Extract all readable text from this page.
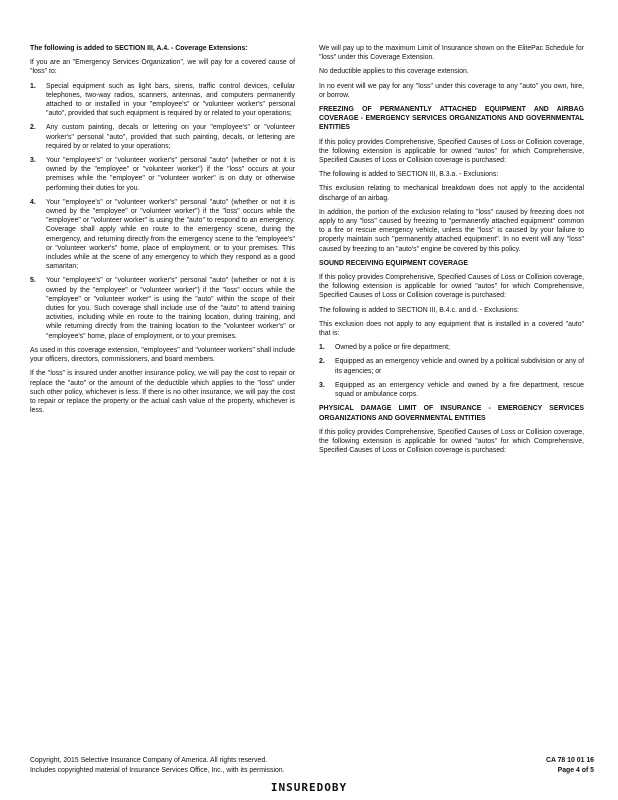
The following is added to SECTION III, A.4. - Coverage Extensions:

If you are an "Emergency Services Organization", we will pay for a covered cause of "loss" to:

1. Special equipment such as light bars, sirens, traffic control devices, cellular telephones, two-way radios, scanners, antennas, and computers permanently attached to or installed in your "employee's" or "volunteer worker's" personal "auto", provided that such equipment is required by or related to your operations;
2. Any custom painting, decals or lettering on your "employee's" or "volunteer worker's" personal "auto", provided that such painting, decals, or lettering are required by or related to your operations;
3. Your "employee's" or "volunteer worker's" personal "auto" (whether or not it is owned by the "employee" or "volunteer worker") if the "loss" occurs at your premises while the "employee" or "volunteer worker" is on duty or otherwise performing their duties for you.
4. Your "employee's" or "volunteer worker's" personal "auto" (whether or not it is owned by the "employee" or "volunteer worker") if the "loss" occurs while the "employee" or "volunteer worker" is using the "auto" to respond to an emergency. Coverage shall apply while en route to the emergency scene, during the emergency, and returning directly from the emergency scene to the "employee's" or "volunteer worker's" home, place of employment, or to your premises. This includes while at the scene of any emergency to which they respond as a good samaritan;
5. Your "employee's" or "volunteer worker's" personal "auto" (whether or not it is owned by the "employee" or "volunteer worker") if the "loss" occurs while the "employee" or "volunteer worker" is using the "auto" within the scope of their duties for you. Such coverage shall include use of the "auto" to attend training activities, including while en route to the training location, during training, and while returning directly from the training location to the "volunteer worker's" or "employee's" home, place of employment, or to your premises.

As used in this coverage extension, "employees" and "volunteer workers" shall include your officers, directors, commissioners, and board members.

If the "loss" is insured under another insurance policy, we will pay the cost to repair or replace the "auto" or the amount of the deductible which applies to the "loss" under such other policy, whichever is less. If there is no other insurance, we will pay the cost to repair or replace the property or the actual cash value of the property, whichever is less.

We will pay up to the maximum Limit of Insurance shown on the ElitePac Schedule for "loss" under this Coverage Extension.

No deductible applies to this coverage extension.

In no event will we pay for any "loss" under this coverage to any "auto" you own, hire, or borrow.

FREEZING OF PERMANENTLY ATTACHED EQUIPMENT AND AIRBAG COVERAGE - EMERGENCY SERVICES ORGANIZATIONS AND GOVERNMENTAL ENTITIES

If this policy provides Comprehensive, Specified Causes of Loss or Collision coverage, the following extension is applicable for owned "autos" for which Comprehensive, Specified Causes of Loss or Collision coverage is purchased:

The following is added to SECTION III, B.3.a. - Exclusions:

This exclusion relating to mechanical breakdown does not apply to the accidental discharge of an airbag.

In addition, the portion of the exclusion relating to "loss" caused by freezing does not apply to any "loss" caused by freezing to "permanently attached equipment" common to a fire or rescue emergency vehicle, unless the "loss" is caused by your failure to properly maintain such "permanently attached equipment". In no event will any "loss" caused by freezing to an "auto's" engine be covered by this policy.

SOUND RECEIVING EQUIPMENT COVERAGE

If this policy provides Comprehensive, Specified Causes of Loss or Collision coverage, the following extension is applicable for owned "autos" for which Comprehensive, Specified Causes of Loss or Collision coverage is purchased:

The following is added to SECTION III, B.4.c. and d. - Exclusions:

This exclusion does not apply to any equipment that is installed in a covered "auto" that is:

1. Owned by a police or fire department;
2. Equipped as an emergency vehicle and owned by a political subdivision or any of its agencies; or
3. Equipped as an emergency vehicle and owned by a fire department, rescue squad or ambulance corps.

PHYSICAL DAMAGE LIMIT OF INSURANCE - EMERGENCY SERVICES ORGANIZATIONS AND GOVERNMENTAL ENTITIES

If this policy provides Comprehensive, Specified Causes of Loss or Collision coverage, the following extension is applicable for owned "autos" for which Comprehensive, Specified Causes of Loss or Collision coverage is purchased:

Copyright, 2015 Selective Insurance Company of America. All rights reserved.
Includes copyrighted material of Insurance Services Office, Inc., with its permission.
CA 78 10 01 16
Page 4 of 5
INSUREDOBY
